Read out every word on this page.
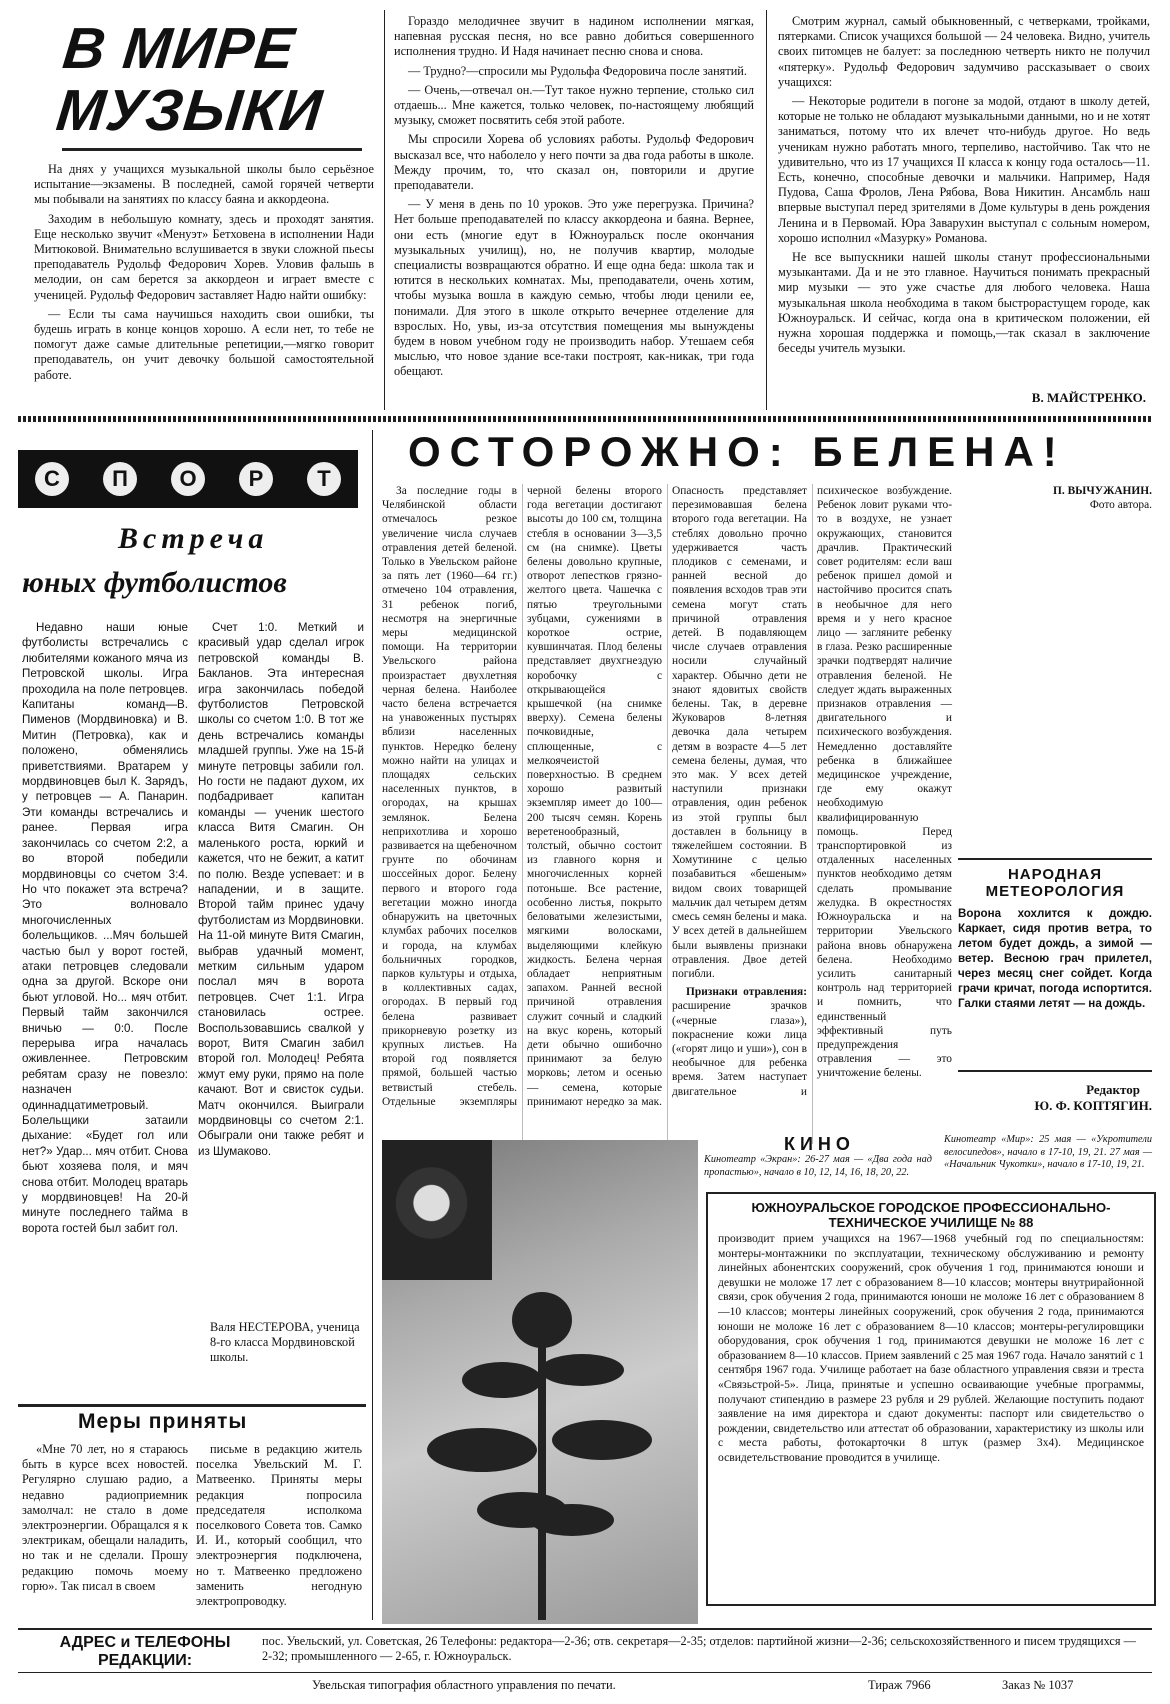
В МИРЕ МУЗЫКИ

На днях у учащихся музыкальной школы было серьёзное испытание—экзамены. В последней, самой горячей четверти мы побывали на занятиях по классу баяна и аккордеона.

Заходим в небольшую комнату, здесь и проходят занятия. Еще несколько звучит «Менуэт» Бетховена в исполнении Нади Митюковой. Внимательно вслушивается в звуки сложной пьесы преподаватель Рудольф Федорович Хорев. Уловив фальшь в мелодии, он сам берется за аккордеон и играет вместе с ученицей. Рудольф Федорович заставляет Надю найти ошибку:

— Если ты сама научишься находить свои ошибки, ты будешь играть в конце концов хорошо. А если нет, то тебе не помогут даже самые длительные репетиции,—мягко говорит преподаватель, он учит девочку большой самостоятельной работе.

Гораздо мелодичнее звучит в надином исполнении мягкая, напевная русская песня, но все равно добиться совершенного исполнения трудно. И Надя начинает песню снова и снова.

— Трудно?—спросили мы Рудольфа Федоровича после занятий.

— Очень,—отвечал он.—Тут такое нужно терпение, столько сил отдаешь... Мне кажется, только человек, по-настоящему любящий музыку, сможет посвятить себя этой работе.

Мы спросили Хорева об условиях работы. Рудольф Федорович высказал все, что наболело у него почти за два года работы в школе. Между прочим, то, что сказал он, повторили и другие преподаватели.

— У меня в день по 10 уроков. Это уже перегрузка. Причина? Нет больше преподавателей по классу аккордеона и баяна. Вернее, они есть (многие едут в Южноуральск после окончания музыкальных училищ), но, не получив квартир, молодые специалисты возвращаются обратно. И еще одна беда: школа так и ютится в нескольких комнатах. Мы, преподаватели, очень хотим, чтобы музыка вошла в каждую семью, чтобы люди ценили ее, понимали. Для этого в школе открыто вечернее отделение для взрослых. Но, увы, из-за отсутствия помещения мы вынуждены будем в новом учебном году не производить набор. Утешаем себя мыслью, что новое здание все-таки построят, как-никак, три года обещают.

Смотрим журнал, самый обыкновенный, с четверками, тройками, пятерками. Список учащихся большой — 24 человека. Видно, учитель своих питомцев не балует: за последнюю четверть никто не получил «пятерку». Рудольф Федорович задумчиво рассказывает о своих учащихся:

— Некоторые родители в погоне за модой, отдают в школу детей, которые не только не обладают музыкальными данными, но и не хотят заниматься, потому что их влечет что-нибудь другое. Но ведь ученикам нужно работать много, терпеливо, настойчиво. Так что не удивительно, что из 17 учащихся II класса к концу года осталось—11. Есть, конечно, способные девочки и мальчики. Например, Надя Пудова, Саша Фролов, Лена Рябова, Вова Никитин. Ансамбль наш впервые выступал перед зрителями в Доме культуры в день рождения Ленина и в Первомай. Юра Заварухин выступал с сольным номером, хорошо исполнил «Мазурку» Романова.

Не все выпускники нашей школы станут профессиональными музыкантами. Да и не это главное. Научиться понимать прекрасный мир музыки — это уже счастье для любого человека. Наша музыкальная школа необходима в таком быстрорастущем городе, как Южноуральск. И сейчас, когда она в критическом положении, ей нужна хорошая поддержка и помощь,—так сказал в заключение беседы учитель музыки.

В. МАЙСТРЕНКО.
С	П	О	Р	Т
Встреча
юных футболистов

Недавно наши юные футболисты встречались с любителями кожаного мяча из Петровской школы. Игра проходила на поле петровцев. Капитаны команд—В. Пименов (Мордвиновка) и В. Митин (Петровка), как и положено, обменялись приветствиями. Вратарем у мордвиновцев был К. Зарядъ, у петровцев — А. Панарин. Эти команды встречались и ранее. Первая игра закончилась со счетом 2:2, а во второй победили мордвиновцы со счетом 3:4. Но что покажет эта встреча? Это волновало многочисленных болельщиков. ...Мяч большей частью был у ворот гостей, атаки петровцев следовали одна за другой. Вскоре они бьют угловой. Но... мяч отбит. Первый тайм закончился вничью — 0:0. После перерыва игра началась оживленнее. Петровским ребятам сразу не повезло: назначен одиннадцатиметровый. Болельщики затаили дыхание: «Будет гол или нет?» Удар... мяч отбит. Снова бьют хозяева поля, и мяч снова отбит. Молодец вратарь у мордвиновцев! На 20-й минуте последнего тайма в ворота гостей был забит гол.

Счет 1:0. Меткий и красивый удар сделал игрок петровской команды В. Бакланов. Эта интересная игра закончилась победой футболистов Петровской школы со счетом 1:0. В тот же день встречались команды младшей группы. Уже на 15-й минуте петровцы забили гол. Но гости не падают духом, их подбадривает капитан команды — ученик шестого класса Витя Смагин. Он маленького роста, юркий и кажется, что не бежит, а катит по полю. Везде успевает: и в нападении, и в защите. Второй тайм принес удачу футболистам из Мордвиновки. На 11-ой минуте Витя Смагин, выбрав удачный момент, метким сильным ударом послал мяч в ворота петровцев. Счет 1:1. Игра становилась острее. Воспользовавшись свалкой у ворот, Витя Смагин забил второй гол. Молодец! Ребята жмут ему руки, прямо на поле качают. Вот и свисток судьи. Матч окончился. Выиграли мордвиновцы со счетом 2:1. Обыграли они также ребят и из Шумаково.

Валя НЕСТЕРОВА, ученица 8-го класса Мордвиновской школы.
Меры приняты

«Мне 70 лет, но я стараюсь быть в курсе всех новостей. Регулярно слушаю радио, а недавно радиоприемник замолчал: не стало в доме электроэнергии. Обращался я к электрикам, обещали наладить, но так и не сделали. Прошу редакцию помочь моему горю». Так писал в своем

письме в редакцию житель поселка Увельский М. Г. Матвеенко. Приняты меры редакция попросила председателя исполкома поселкового Совета тов. Самко И. И., который сообщил, что электроэнергия подключена, но т. Матвеенко предложено заменить негодную электропроводку.

ОСТОРОЖНО: БЕЛЕНА!

За последние годы в Челябинской области отмечалось резкое увеличение числа случаев отравления детей беленой. Только в Увельском районе за пять лет (1960—64 гг.) отмечено 104 отравления, 31 ребенок погиб, несмотря на энергичные меры медицинской помощи. На территории Увельского района произрастает двухлетняя черная белена. Наиболее часто белена встречается на унавоженных пустырях вблизи населенных пунктов. Нередко белену можно найти на улицах и площадях сельских населенных пунктов, в огородах, на крышах землянок. Белена неприхотлива и хорошо развивается на щебеночном грунте по обочинам шоссейных дорог. Белену первого и второго года вегетации можно иногда обнаружить на цветочных клумбах рабочих поселков и города, на клумбах больничных городков, парков культуры и отдыха, в коллективных садах, огородах. В первый год белена развивает прикорневую розетку из крупных листьев. На второй год появляется прямой, большей частью ветвистый стебель. Отдельные экземпляры черной белены второго года вегетации достигают высоты до 100 см, толщина стебля в основании 3—3,5 см (на снимке). Цветы белены довольно крупные, отворот лепестков грязно-желтого цвета. Чашечка с пятью треугольными зубцами, сужениями в короткое острие, кувшинчатая. Плод белены представляет двухгнездую коробочку с открывающейся крышечкой (на снимке вверху). Семена белены почковидные, сплющенные, с мелкоячеистой поверхностью. В среднем хорошо развитый экземпляр имеет до 100—200 тысяч семян. Корень веретенообразный, толстый, обычно состоит из главного корня и многочисленных корней потоньше. Все растение, особенно листья, покрыто беловатыми железистыми, мягкими волосками, выделяющими клейкую жидкость. Белена черная обладает неприятным запахом. Ранней весной причиной отравления служит сочный и сладкий на вкус корень, который дети обычно ошибочно принимают за белую морковь; летом и осенью — семена, которые принимают нередко за мак. Опасность представляет перезимовавшая белена второго года вегетации. На стеблях довольно прочно удерживается часть плодиков с семенами, и ранней весной до появления всходов трав эти семена могут стать причиной отравления детей. В подавляющем числе случаев отравления носили случайный характер. Обычно дети не знают ядовитых свойств белены. Так, в деревне Жуковаров 8-летняя девочка дала четырем детям в возрасте 4—5 лет семена белены, думая, что это мак. У всех детей наступили признаки отравления, один ребенок из этой группы был доставлен в больницу в тяжелейшем состоянии. В Хомутинине с целью позабавиться «бешеным» видом своих товарищей мальчик дал четырем детям смесь семян белены и мака. У всех детей в дальнейшем были выявлены признаки отравления. Двое детей погибли.

Признаки отравления: расширение зрачков («черные глаза»), покраснение кожи лица («горят лицо и уши»), сон в необычное для ребенка время. Затем наступает двигательное и психическое возбуждение. Ребенок ловит руками что-то в воздухе, не узнает окружающих, становится драчлив. Практический совет родителям: если ваш ребенок пришел домой и настойчиво просится спать в необычное для него время и у него красное лицо — загляните ребенку в глаза. Резко расширенные зрачки подтвердят наличие отравления беленой. Не следует ждать выраженных признаков отравления — двигательного и психического возбуждения. Немедленно доставляйте ребенка в ближайшее медицинское учреждение, где ему окажут необходимую квалифицированную помощь. Перед транспортировкой из отдаленных населенных пунктов необходимо детям сделать промывание желудка. В окрестностях Южноуральска и на территории Увельского района вновь обнаружена белена. Необходимо усилить санитарный контроль над территорией и помнить, что единственный эффективный путь предупреждения отравления — это уничтожение белены.

П. ВЫЧУЖАНИН.
Фото автора.

НАРОДНАЯ
МЕТЕОРОЛОГИЯ
Ворона хохлится к дождю. Каркает, сидя против ветра, то летом будет дождь, а зимой — ветер. Весною грач прилетел, через месяц снег сойдет. Когда грачи кричат, погода испортится. Галки стаями летят — на дождь.
Редактор
Ю. Ф. КОПТЯГИН.
КИНО
Кинотеатр «Экран»: 26-27 мая — «Два года над пропастью», начало в 10, 12, 14, 16, 18, 20, 22.
Кинотеатр «Мир»: 25 мая — «Укротители велосипедов», начало в 17-10, 19, 21. 27 мая — «Начальник Чукотки», начало в 17-10, 19, 21.
ЮЖНОУРАЛЬСКОЕ ГОРОДСКОЕ ПРОФЕССИОНАЛЬНО-ТЕХНИЧЕСКОЕ УЧИЛИЩЕ № 88
производит прием учащихся на 1967—1968 учебный год по специальностям: монтеры-монтажники по эксплуатации, техническому обслуживанию и ремонту линейных абонентских сооружений, срок обучения 1 год, принимаются юноши и девушки не моложе 17 лет с образованием 8—10 классов; монтеры внутрирайонной связи, срок обучения 2 года, принимаются юноши не моложе 16 лет с образованием 8—10 классов; монтеры линейных сооружений, срок обучения 2 года, принимаются юноши не моложе 16 лет с образованием 8—10 классов; монтеры-регулировщики оборудования, срок обучения 1 год, принимаются девушки не моложе 16 лет с образованием 8—10 классов. Прием заявлений с 25 мая 1967 года. Начало занятий с 1 сентября 1967 года. Училище работает на базе областного управления связи и треста «Связьстрой-5». Лица, принятые и успешно осваивающие учебные программы, получают стипендию в размере 23 рубля и 29 рублей. Желающие поступить подают заявление на имя директора и сдают документы: паспорт или свидетельство о рождении, свидетельство или аттестат об образовании, характеристику из школы или с места работы, фотокарточки 8 штук (размер 3х4). Медицинское освидетельствование проводится в училище.
АДРЕС и ТЕЛЕФОНЫ РЕДАКЦИИ:
пос. Увельский, ул. Советская, 26 Телефоны: редактора—2-36; отв. секретаря—2-35; отделов: партийной жизни—2-36; сельскохозяйственного и писем трудящихся — 2-32; промышленного — 2-65, г. Южноуральск.
Увельская типография областного управления по печати.	Тираж 7966	Заказ № 1037
